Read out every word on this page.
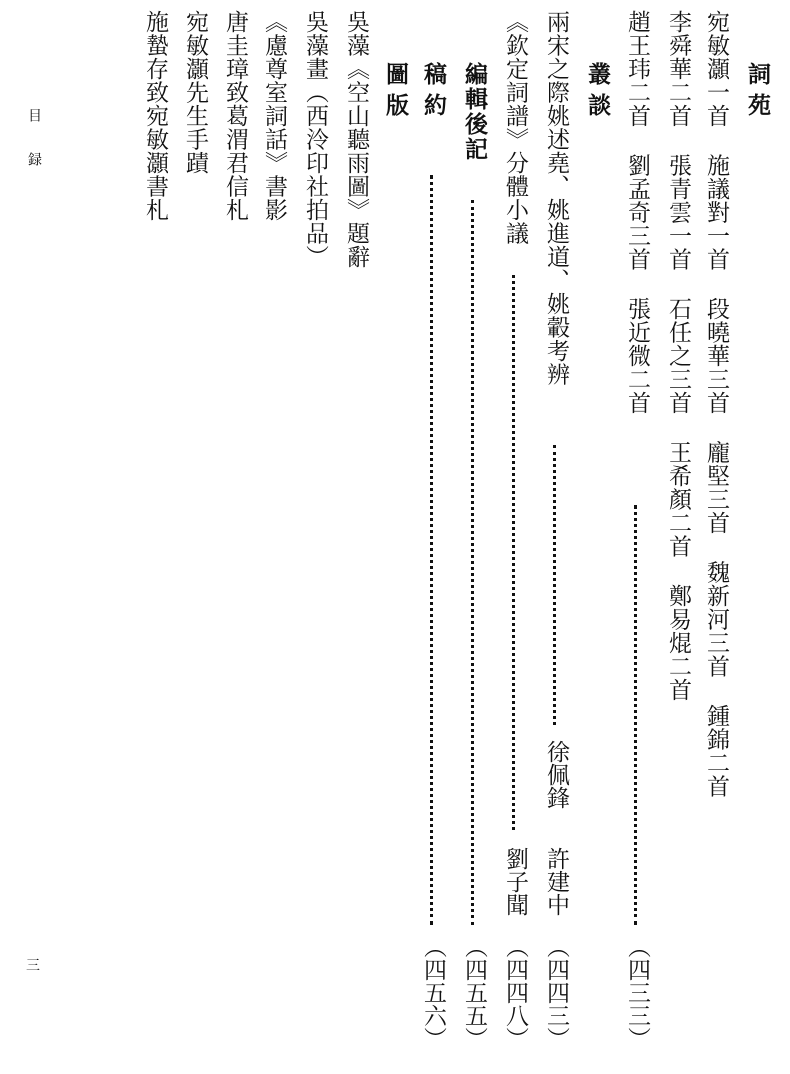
詞苑
宛敏灝一首施議對一首段曉華三首龐堅三首魏新河三首鍾錦二首
李舜華二首張青雲一首石任之三首王希顏二首鄭易焜二首
趙王玮二首劉孟奇三首張近微二首
（四三三）
叢談
兩宋之際姚述堯、姚進道、姚轂考辨
徐佩鋒
許建中
（四四三）
《欽定詞譜》分體小議
劉子聞
（四四八）
編輯後記
（四五五）
稿約
（四五六）
圖版
吳藻《空山聽雨圖》題辭
吳藻畫（西泠印社拍品）
《慮尊室詞話》書影
唐圭璋致葛渭君信札
宛敏灝先生手蹟
施蟄存致宛敏灝書札
目録
三
